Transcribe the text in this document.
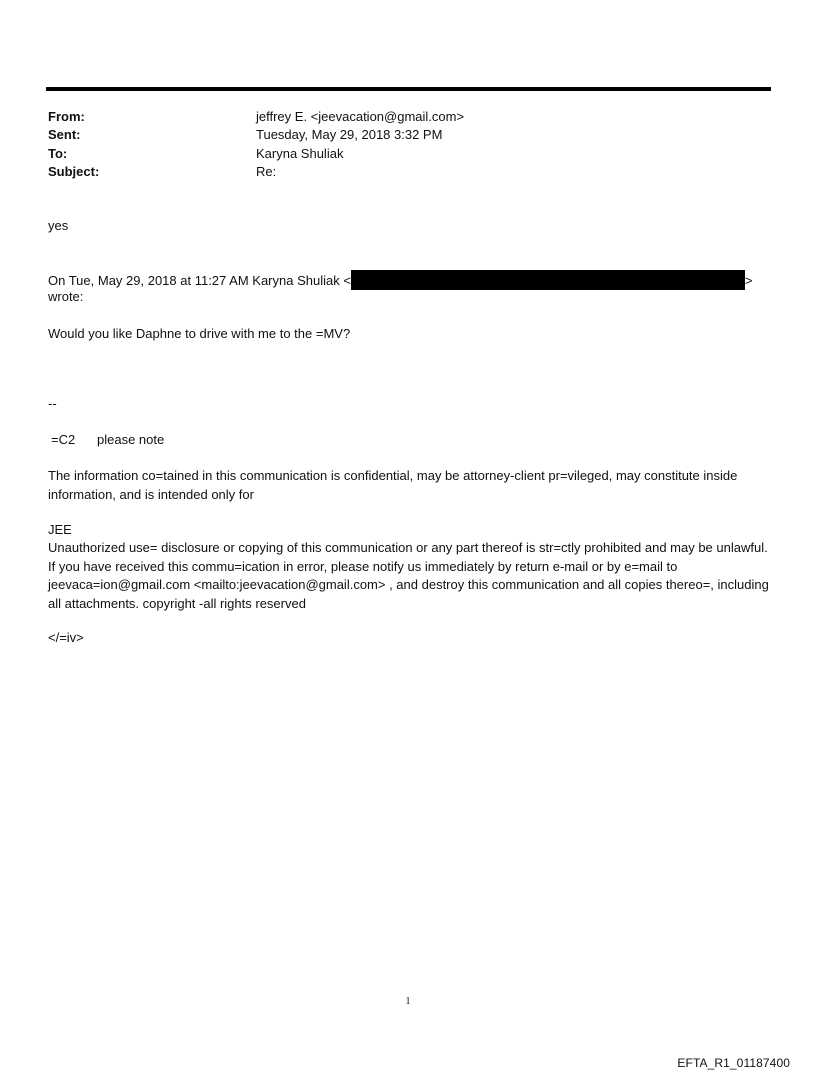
From:	jeffrey E. <jeevacation@gmail.com>
Sent:	Tuesday, May 29, 2018 3:32 PM
To:	Karyna Shuliak
Subject:	Re:
yes
On Tue, May 29, 2018 at 11:27 AM Karyna Shuliak <	>
wrote:
Would you like Daphne to drive with me to the =MV?
--
=C2 please note
The information co=tained in this communication is confidential, may be attorney-client pr=vileged, may constitute inside information, and is intended only for
JEE
Unauthorized use= disclosure or copying of this communication or any part thereof is str=ctly prohibited and may be unlawful. If you have received this commu=ication in error, please notify us immediately by return e-mail or by e=mail to jeevaca=ion@gmail.com <mailto:jeevacation@gmail.com> , and destroy this communication and all copies thereo=, including all attachments. copyright -all rights reserved
</=iv>
1
EFTA_R1_01187400
